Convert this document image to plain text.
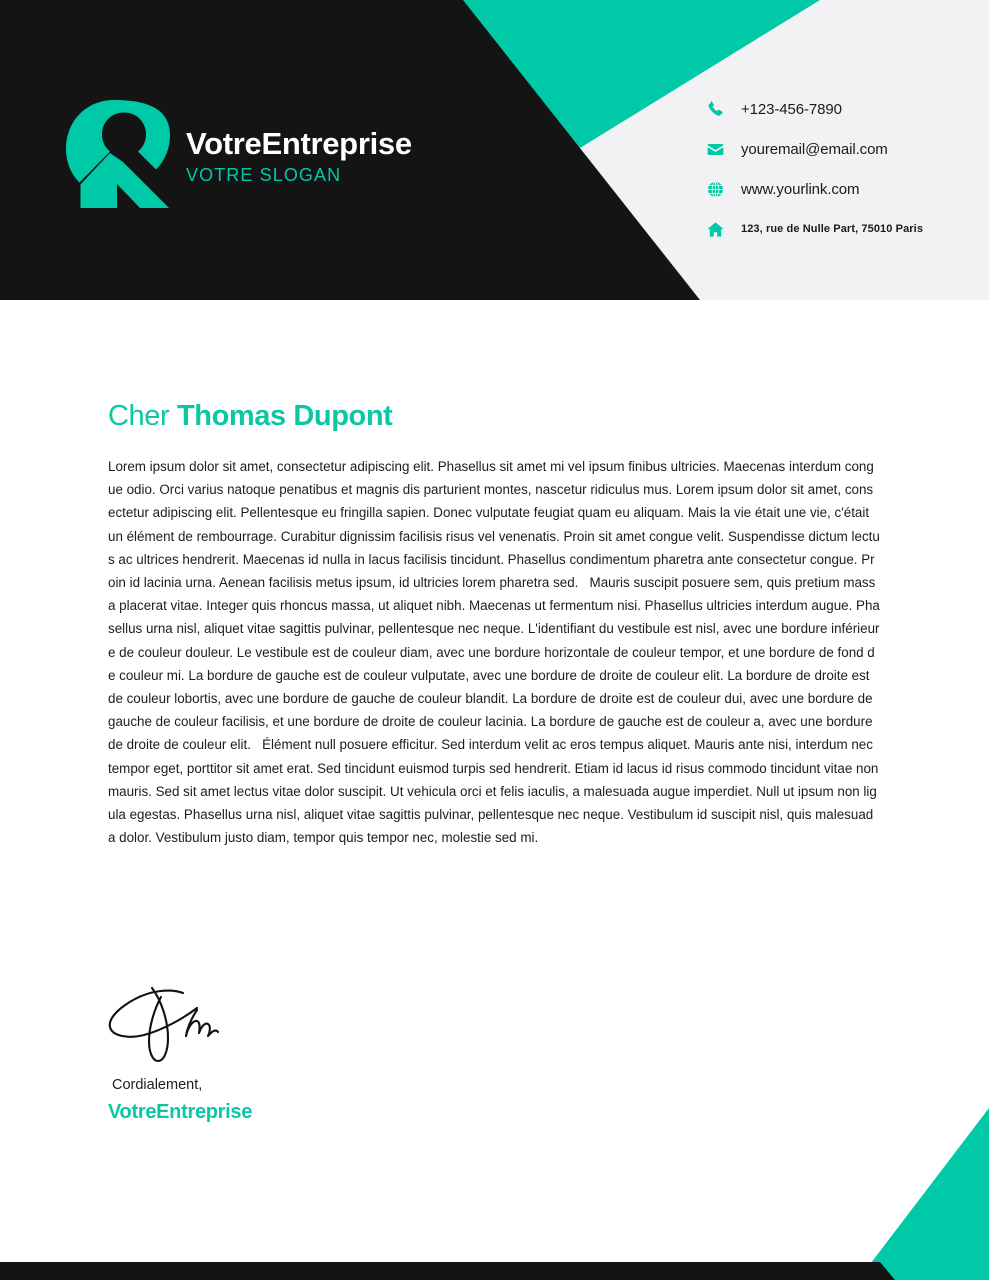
VotreEntreprise
VOTRE SLOGAN
+123-456-7890
youremail@email.com
www.yourlink.com
123, rue de Nulle Part, 75010 Paris
Cher Thomas Dupont
Lorem ipsum dolor sit amet, consectetur adipiscing elit. Phasellus sit amet mi vel ipsum finibus ultricies. Maecenas interdum congue odio. Orci varius natoque penatibus et magnis dis parturient montes, nascetur ridiculus mus. Lorem ipsum dolor sit amet, consectetur adipiscing elit. Pellentesque eu fringilla sapien. Donec vulputate feugiat quam eu aliquam. Mais la vie était une vie, c'était un élément de rembourrage. Curabitur dignissim facilisis risus vel venenatis. Proin sit amet congue velit. Suspendisse dictum lectus ac ultrices hendrerit. Maecenas id nulla in lacus facilisis tincidunt. Phasellus condimentum pharetra ante consectetur congue. Proin id lacinia urna. Aenean facilisis metus ipsum, id ultricies lorem pharetra sed.   Mauris suscipit posuere sem, quis pretium massa placerat vitae. Integer quis rhoncus massa, ut aliquet nibh. Maecenas ut fermentum nisi. Phasellus ultricies interdum augue. Phasellus urna nisl, aliquet vitae sagittis pulvinar, pellentesque nec neque. L'identifiant du vestibule est nisl, avec une bordure inférieure de couleur douleur. Le vestibule est de couleur diam, avec une bordure horizontale de couleur tempor, et une bordure de fond de couleur mi. La bordure de gauche est de couleur vulputate, avec une bordure de droite de couleur elit. La bordure de droite est de couleur lobortis, avec une bordure de gauche de couleur blandit. La bordure de droite est de couleur dui, avec une bordure de gauche de couleur facilisis, et une bordure de droite de couleur lacinia. La bordure de gauche est de couleur a, avec une bordure de droite de couleur elit.   Élément null posuere efficitur. Sed interdum velit ac eros tempus aliquet. Mauris ante nisi, interdum nec tempor eget, porttitor sit amet erat. Sed tincidunt euismod turpis sed hendrerit. Etiam id lacus id risus commodo tincidunt vitae non mauris. Sed sit amet lectus vitae dolor suscipit. Ut vehicula orci et felis iaculis, a malesuada augue imperdiet. Null ut ipsum non ligula egestas. Phasellus urna nisl, aliquet vitae sagittis pulvinar, pellentesque nec neque. Vestibulum id suscipit nisl, quis malesuada dolor. Vestibulum justo diam, tempor quis tempor nec, molestie sed mi.
Cordialement,
VotreEntreprise
